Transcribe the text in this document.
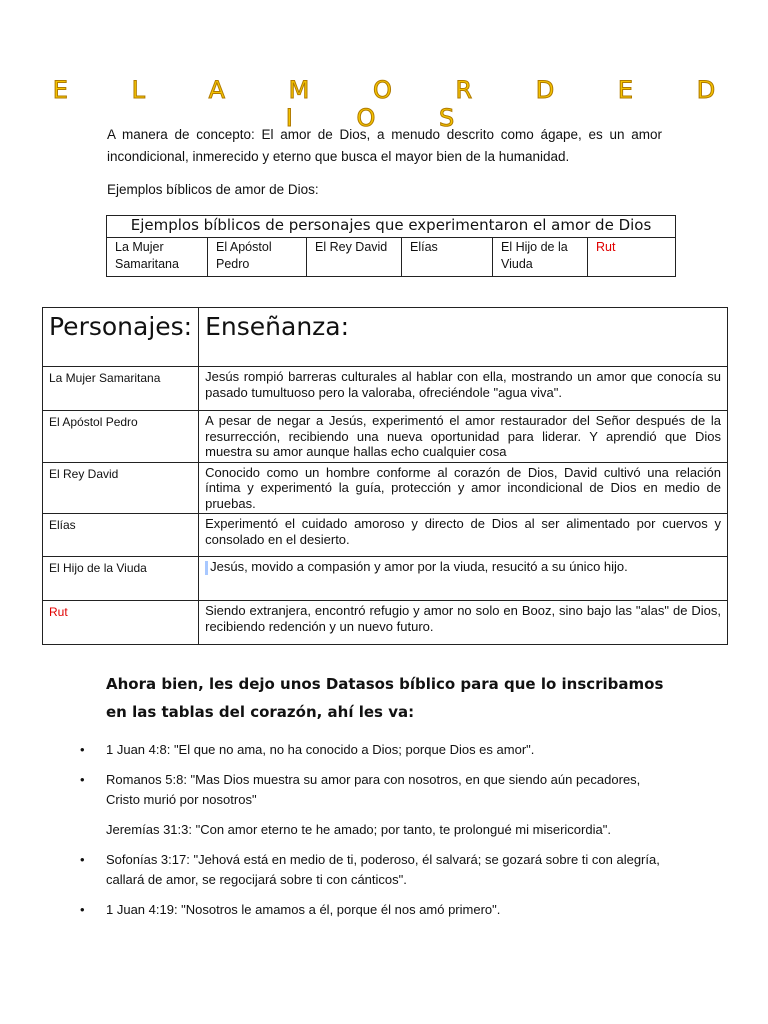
E L A M O R D E D I O S
A manera de concepto: El amor de Dios, a menudo descrito como ágape, es un amor incondicional, inmerecido y eterno que busca el mayor bien de la humanidad.
Ejemplos bíblicos de amor de Dios:
Ejemplos bíblicos de personajes que experimentaron el amor de Dios
La Mujer Samaritana	El Apóstol Pedro	El Rey David	Elías	El Hijo de la Viuda	Rut
Personajes:	Enseñanza:
La Mujer Samaritana	Jesús rompió barreras culturales al hablar con ella, mostrando un amor que conocía su pasado tumultuoso pero la valoraba, ofreciéndole "agua viva".
El Apóstol Pedro	A pesar de negar a Jesús, experimentó el amor restaurador del Señor después de la resurrección, recibiendo una nueva oportunidad para liderar. Y aprendió que Dios muestra su amor aunque hallas echo cualquier cosa
El Rey David	Conocido como un hombre conforme al corazón de Dios, David cultivó una relación íntima y experimentó la guía, protección y amor incondicional de Dios en medio de pruebas.
Elías	Experimentó el cuidado amoroso y directo de Dios al ser alimentado por cuervos y consolado en el desierto.
El Hijo de la Viuda	Jesús, movido a compasión y amor por la viuda, resucitó a su único hijo.
Rut	Siendo extranjera, encontró refugio y amor no solo en Booz, sino bajo las "alas" de Dios, recibiendo redención y un nuevo futuro.
Ahora bien, les dejo unos Datasos bíblico para que lo inscribamos en las tablas del corazón, ahí les va:
• 1 Juan 4:8: "El que no ama, no ha conocido a Dios; porque Dios es amor".
• Romanos 5:8: "Mas Dios muestra su amor para con nosotros, en que siendo aún pecadores, Cristo murió por nosotros"
Jeremías 31:3: "Con amor eterno te he amado; por tanto, te prolongué mi misericordia".
• Sofonías 3:17: "Jehová está en medio de ti, poderoso, él salvará; se gozará sobre ti con alegría, callará de amor, se regocijará sobre ti con cánticos".
• 1 Juan 4:19: "Nosotros le amamos a él, porque él nos amó primero".
